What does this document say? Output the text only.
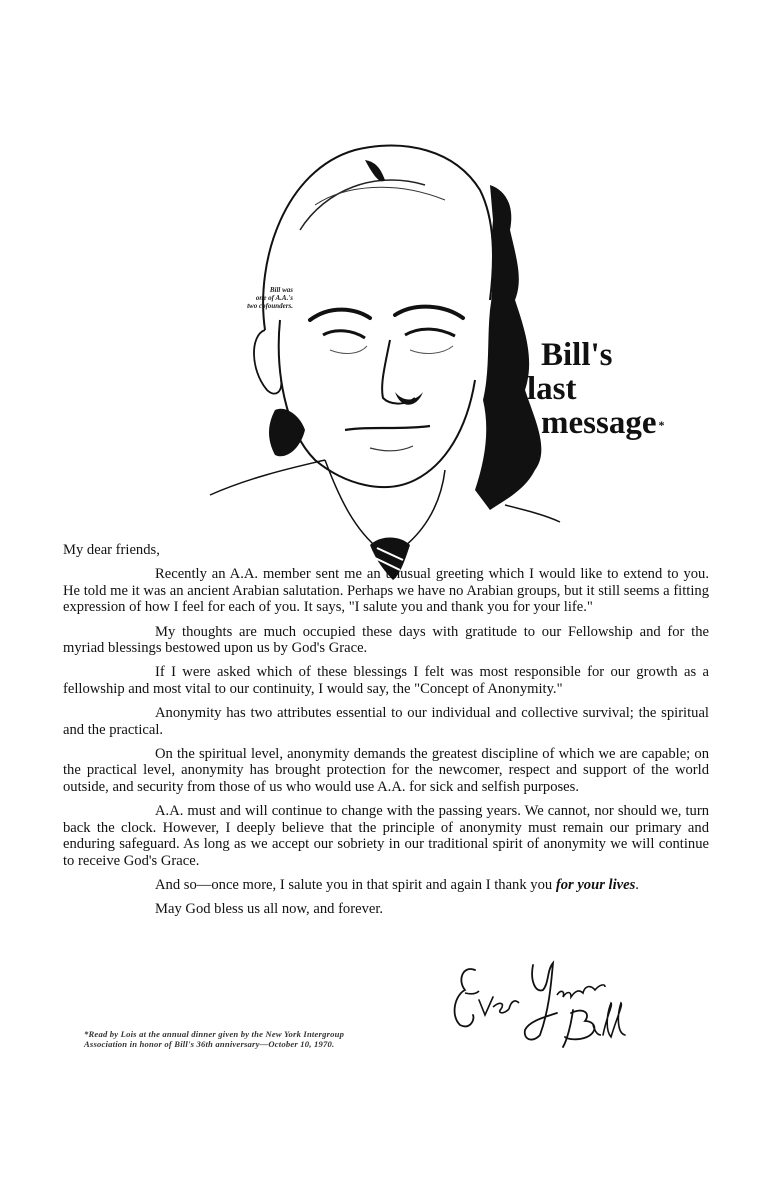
Bill was
one of A.A.'s
two cofounders.
Bill's
last
message *

My dear friends,

Recently an A.A. member sent me an unusual greeting which I would like to extend to you. He told me it was an ancient Arabian salutation. Perhaps we have no Arabian groups, but it still seems a fitting expression of how I feel for each of you. It says, "I salute you and thank you for your life."

My thoughts are much occupied these days with gratitude to our Fellowship and for the myriad blessings bestowed upon us by God's Grace.

If I were asked which of these blessings I felt was most responsible for our growth as a fellowship and most vital to our continuity, I would say, the "Concept of Anonymity."

Anonymity has two attributes essential to our individual and collective survival; the spiritual and the practical.

On the spiritual level, anonymity demands the greatest discipline of which we are capable; on the practical level, anonymity has brought protection for the newcomer, respect and support of the world outside, and security from those of us who would use A.A. for sick and selfish purposes.

A.A. must and will continue to change with the passing years. We cannot, nor should we, turn back the clock. However, I deeply believe that the principle of anonymity must remain our primary and enduring safeguard. As long as we accept our sobriety in our traditional spirit of anonymity we will continue to receive God's Grace.

And so—once more, I salute you in that spirit and again I thank you for your lives.

May God bless us all now, and forever.

*Read by Lois at the annual dinner given by the New York Intergroup
Association in honor of Bill's 36th anniversary—October 10, 1970.
